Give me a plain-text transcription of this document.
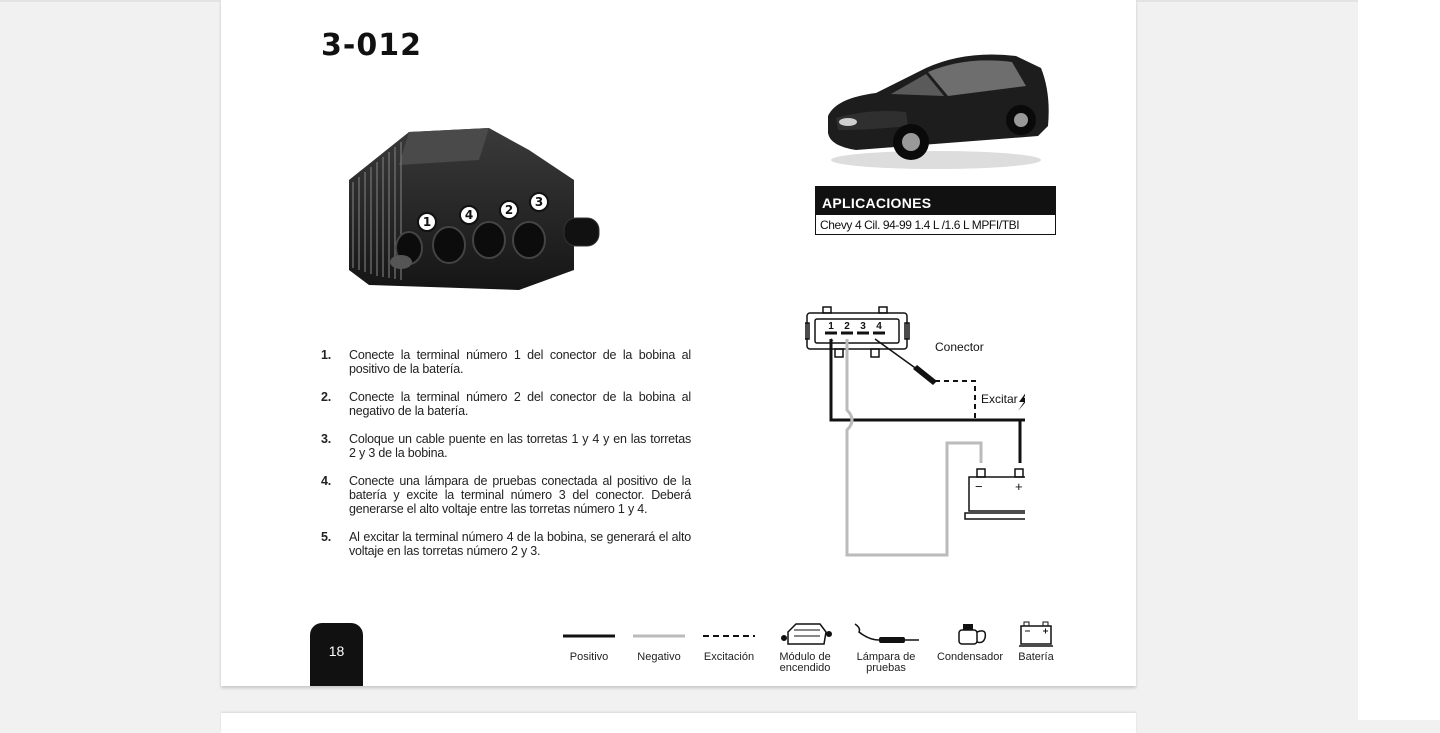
3-012
1	4	2
3	APLICACIONES
Chevy 4 Cil. 94-99 1.4 L /1.6 L MPFI/TBI
1. Conecte la terminal número 1 del conector de la bobina al positivo de la batería.
2. Conecte la terminal número 2 del conector de la bobina al negativo de la batería.
3. Coloque un cable puente en las torretas 1 y 4 y en las torretas 2 y 3 de la bobina.
4. Conecte una lámpara de pruebas conectada al positivo de la batería y excite la terminal número 3 del conector. Deberá generarse el alto voltaje entre las torretas número 1 y 4.
5. Al excitar la terminal número 4 de la bobina, se generará el alto voltaje en las torretas número 2 y 3.
1 2 3 4
+	Conector
Excitar
− +
18	Positivo	Negativo	Excitación	Módulo de encendido
Lámpara de pruebas
Condensador	Batería
